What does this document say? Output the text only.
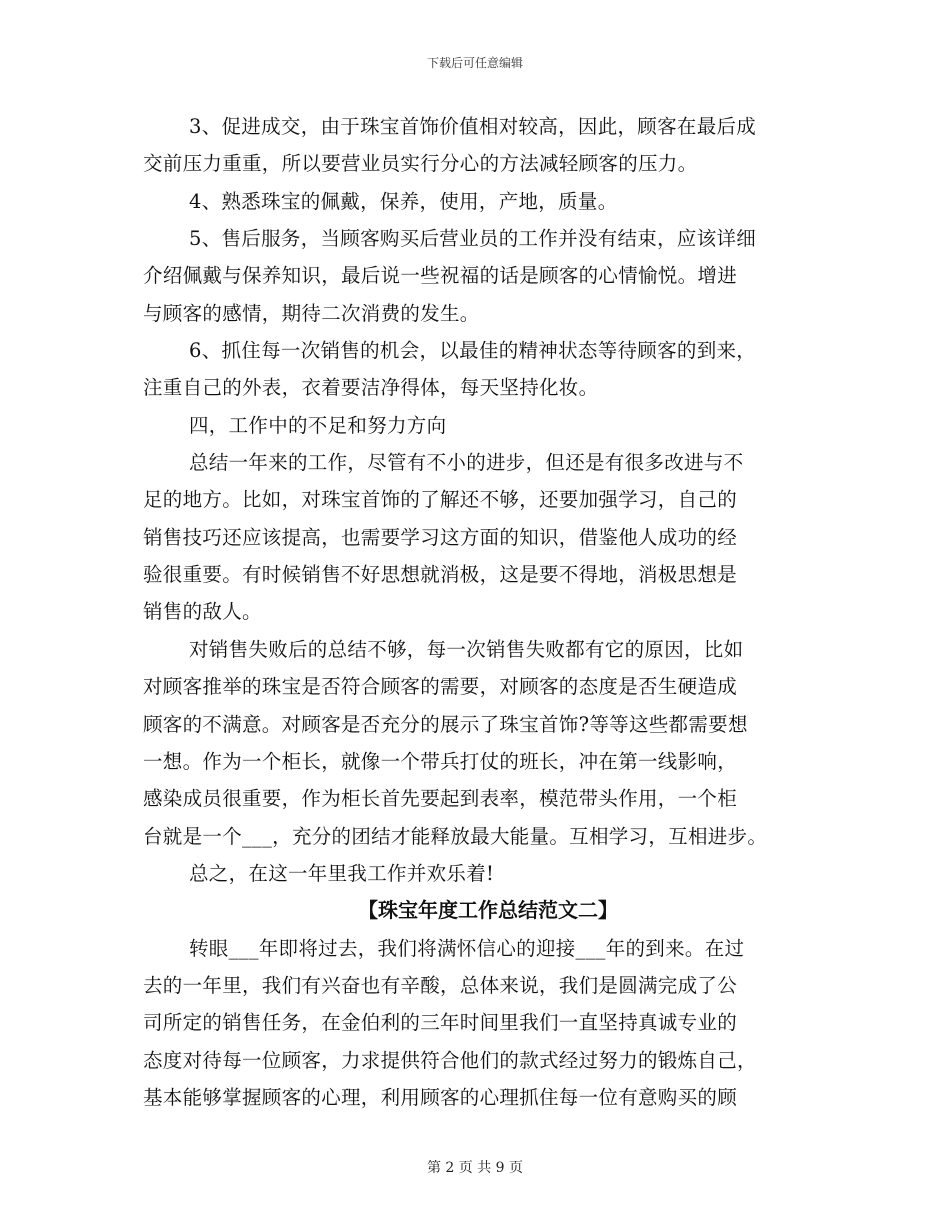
下载后可任意编辑
3、促进成交，由于珠宝首饰价值相对较高，因此，顾客在最后成
交前压力重重，所以要营业员实行分心的方法减轻顾客的压力。
4、熟悉珠宝的佩戴，保养，使用，产地，质量。
5、售后服务，当顾客购买后营业员的工作并没有结束，应该详细
介绍佩戴与保养知识，最后说一些祝福的话是顾客的心情愉悦。增进
与顾客的感情，期待二次消费的发生。
6、抓住每一次销售的机会，以最佳的精神状态等待顾客的到来，
注重自己的外表，衣着要洁净得体，每天坚持化妆。
四，工作中的不足和努力方向
总结一年来的工作，尽管有不小的进步，但还是有很多改进与不
足的地方。比如，对珠宝首饰的了解还不够，还要加强学习，自己的
销售技巧还应该提高，也需要学习这方面的知识，借鉴他人成功的经
验很重要。有时候销售不好思想就消极，这是要不得地，消极思想是
销售的敌人。
对销售失败后的总结不够，每一次销售失败都有它的原因，比如
对顾客推举的珠宝是否符合顾客的需要，对顾客的态度是否生硬造成
顾客的不满意。对顾客是否充分的展示了珠宝首饰?等等这些都需要想
一想。作为一个柜长，就像一个带兵打仗的班长，冲在第一线影响，
感染成员很重要，作为柜长首先要起到表率，模范带头作用，一个柜
台就是一个___，充分的团结才能释放最大能量。互相学习，互相进步。
总之，在这一年里我工作并欢乐着!
【珠宝年度工作总结范文二】
转眼___年即将过去，我们将满怀信心的迎接___年的到来。在过
去的一年里，我们有兴奋也有辛酸，总体来说，我们是圆满完成了公
司所定的销售任务，在金伯利的三年时间里我们一直坚持真诚专业的
态度对待每一位顾客，力求提供符合他们的款式经过努力的锻炼自己，
基本能够掌握顾客的心理，利用顾客的心理抓住每一位有意购买的顾
第 2 页 共 9 页
